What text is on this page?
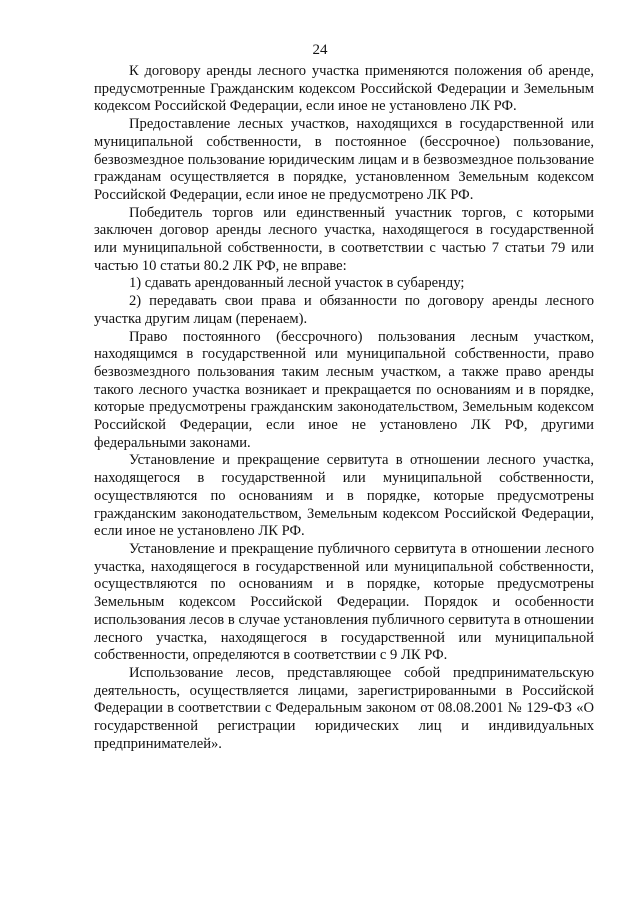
24

К договору аренды лесного участка применяются положения об аренде, предусмотренные Гражданским кодексом Российской Федерации и Земельным кодексом Российской Федерации, если иное не установлено ЛК РФ.

Предоставление лесных участков, находящихся в государственной или муниципальной собственности, в постоянное (бессрочное) пользование, безвозмездное пользование юридическим лицам и в безвозмездное пользование гражданам осуществляется в порядке, установленном Земельным кодексом Российской Федерации, если иное не предусмотрено ЛК РФ.

Победитель торгов или единственный участник торгов, с которыми заключен договор аренды лесного участка, находящегося в государственной или муниципальной собственности, в соответствии с частью 7 статьи 79 или частью 10 статьи 80.2 ЛК РФ, не вправе:

1) сдавать арендованный лесной участок в субаренду;

2) передавать свои права и обязанности по договору аренды лесного участка другим лицам (перенаем).

Право постоянного (бессрочного) пользования лесным участком, находящимся в государственной или муниципальной собственности, право безвозмездного пользования таким лесным участком, а также право аренды такого лесного участка возникает и прекращается по основаниям и в порядке, которые предусмотрены гражданским законодательством, Земельным кодексом Российской Федерации, если иное не установлено ЛК РФ, другими федеральными законами.

Установление и прекращение сервитута в отношении лесного участка, находящегося в государственной или муниципальной собственности, осуществляются по основаниям и в порядке, которые предусмотрены гражданским законодательством, Земельным кодексом Российской Федерации, если иное не установлено ЛК РФ.

Установление и прекращение публичного сервитута в отношении лесного участка, находящегося в государственной или муниципальной собственности, осуществляются по основаниям и в порядке, которые предусмотрены Земельным кодексом Российской Федерации. Порядок и особенности использования лесов в случае установления публичного сервитута в отношении лесного участка, находящегося в государственной или муниципальной собственности, определяются в соответствии с 9 ЛК РФ.

Использование лесов, представляющее собой предпринимательскую деятельность, осуществляется лицами, зарегистрированными в Российской Федерации в соответствии с Федеральным законом от 08.08.2001 № 129-ФЗ «О государственной регистрации юридических лиц и индивидуальных предпринимателей».
